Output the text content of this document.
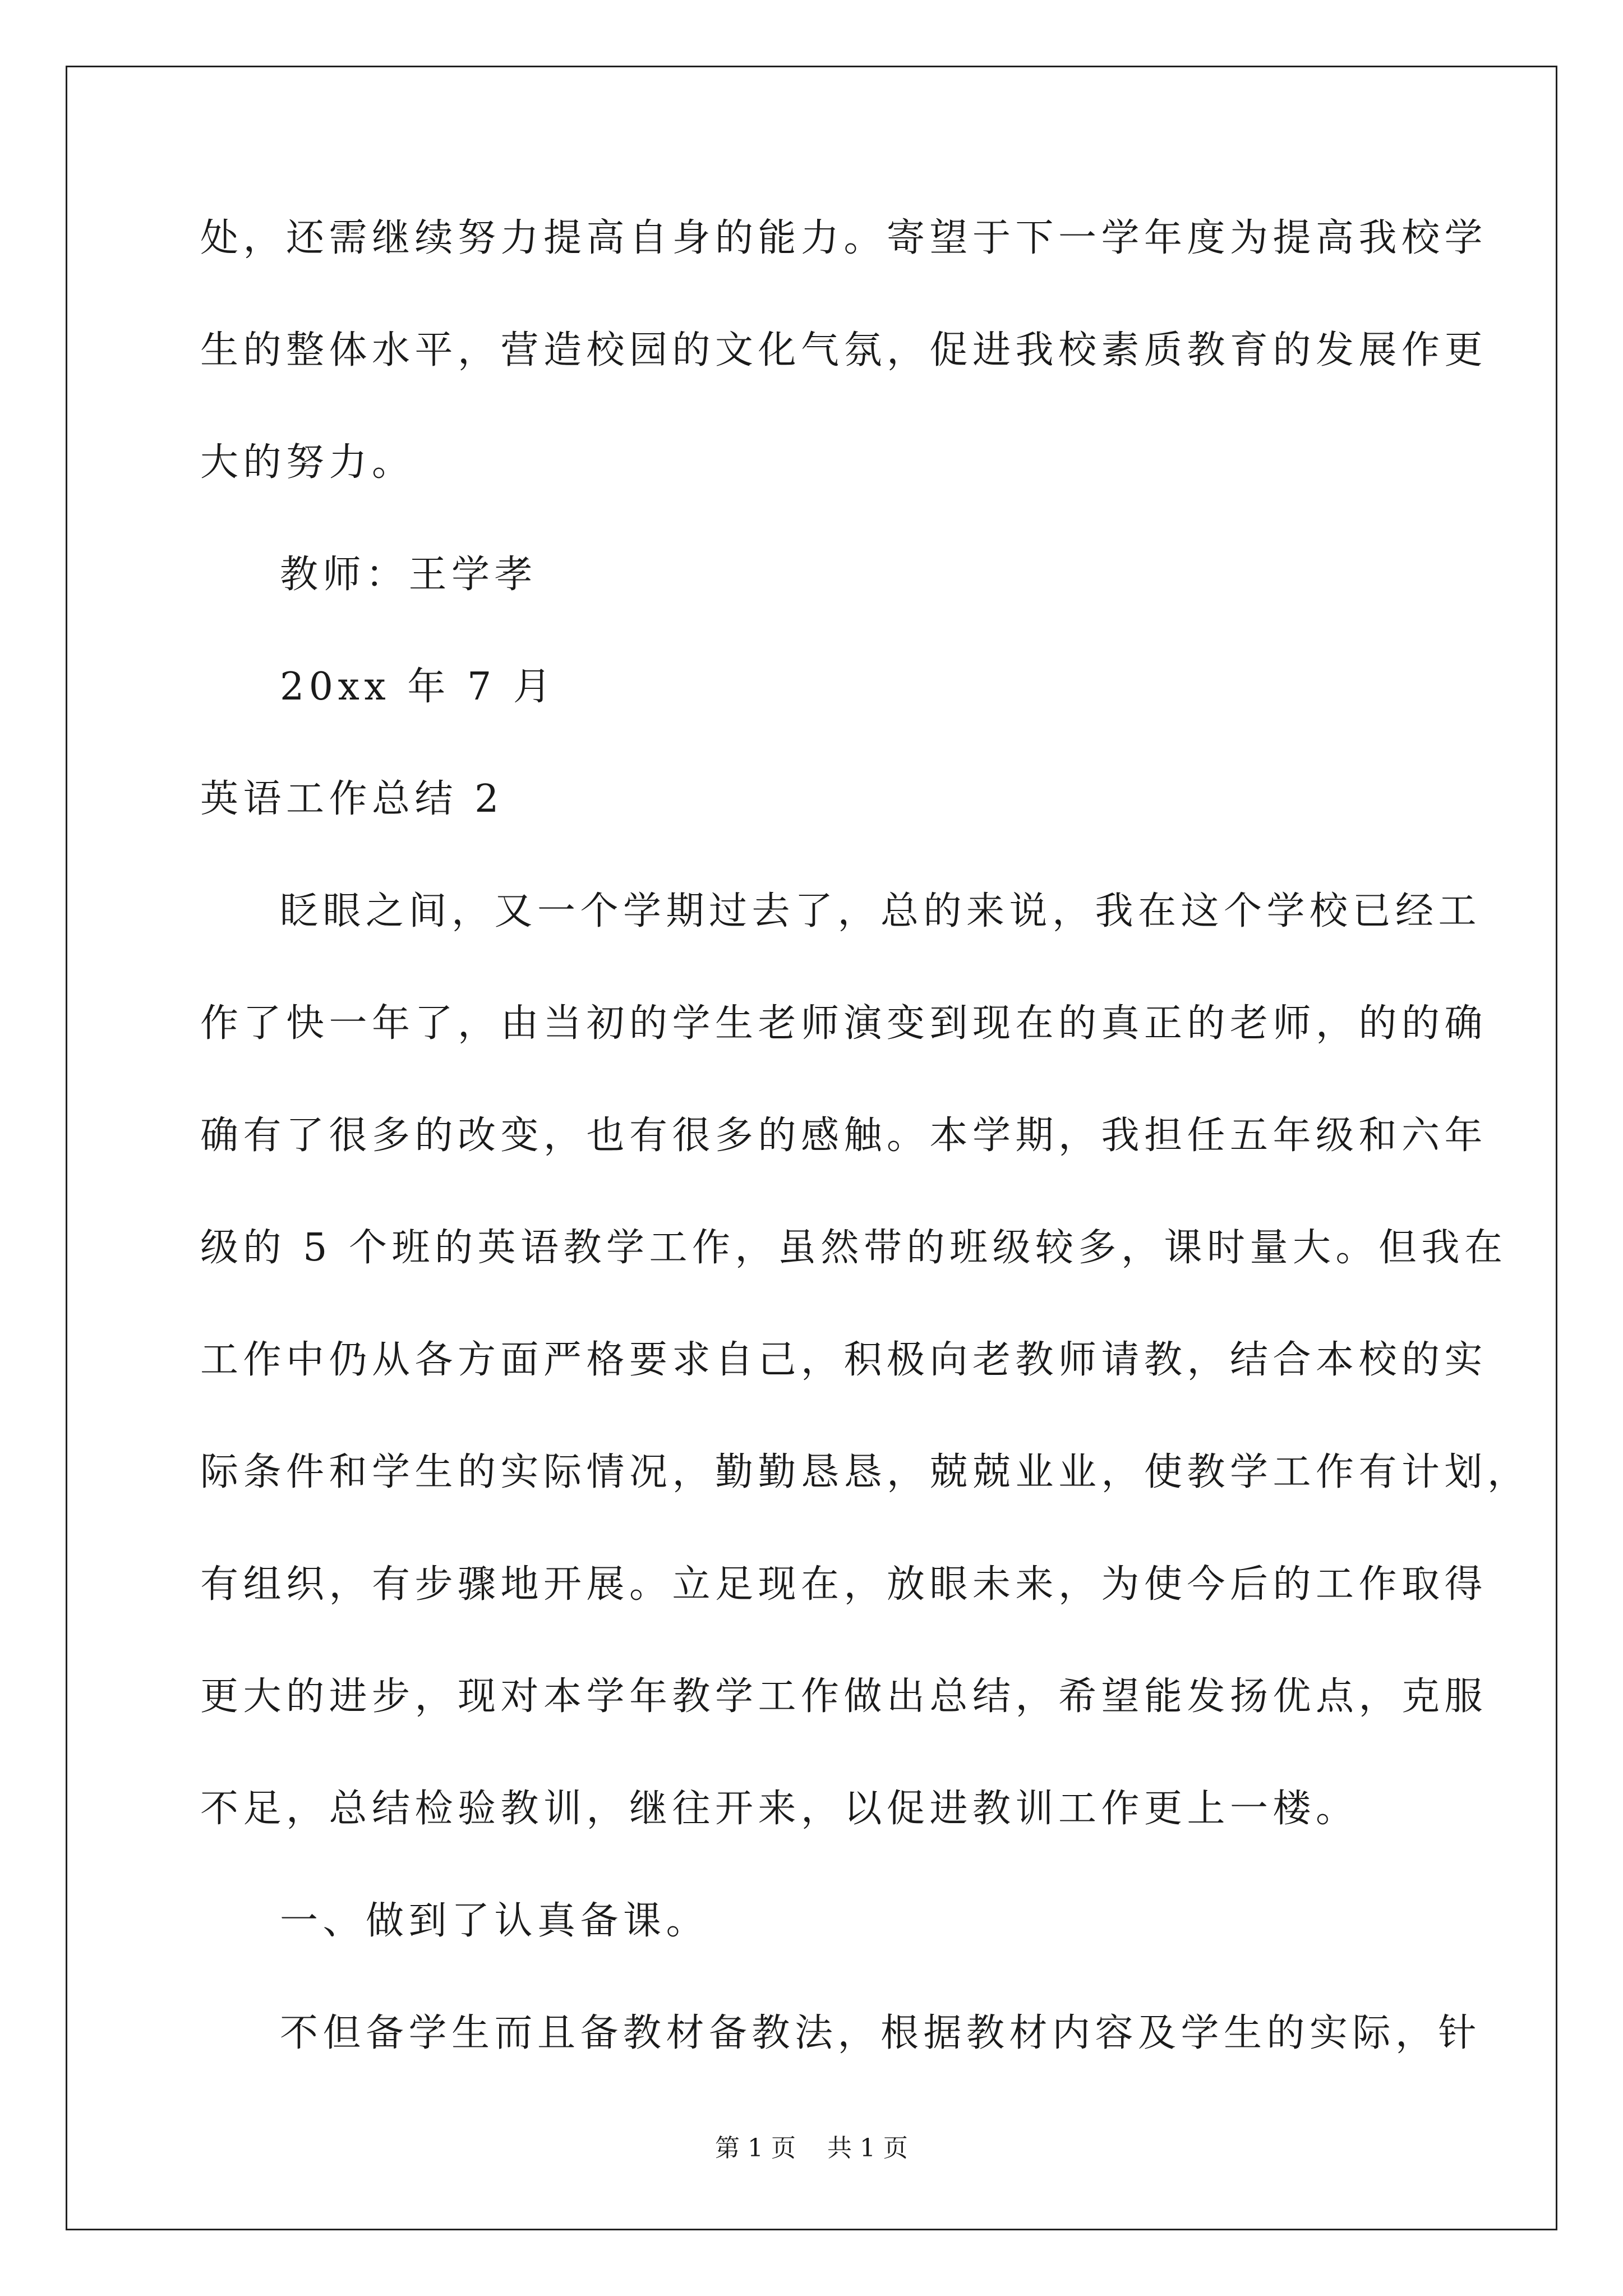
处，还需继续努力提高自身的能力。寄望于下一学年度为提高我校学
生的整体水平，营造校园的文化气氛，促进我校素质教育的发展作更
大的努力。
教师：王学孝
20xx 年 7 月
英语工作总结 2
眨眼之间，又一个学期过去了，总的来说，我在这个学校已经工
作了快一年了，由当初的学生老师演变到现在的真正的老师，的的确
确有了很多的改变，也有很多的感触。本学期，我担任五年级和六年
级的 5 个班的英语教学工作，虽然带的班级较多，课时量大。但我在
工作中仍从各方面严格要求自己，积极向老教师请教，结合本校的实
际条件和学生的实际情况，勤勤恳恳，兢兢业业，使教学工作有计划，
有组织，有步骤地开展。立足现在，放眼未来，为使今后的工作取得
更大的进步，现对本学年教学工作做出总结，希望能发扬优点，克服
不足，总结检验教训，继往开来，以促进教训工作更上一楼。
一、做到了认真备课。
不但备学生而且备教材备教法，根据教材内容及学生的实际，针
第 1 页    共 1 页
